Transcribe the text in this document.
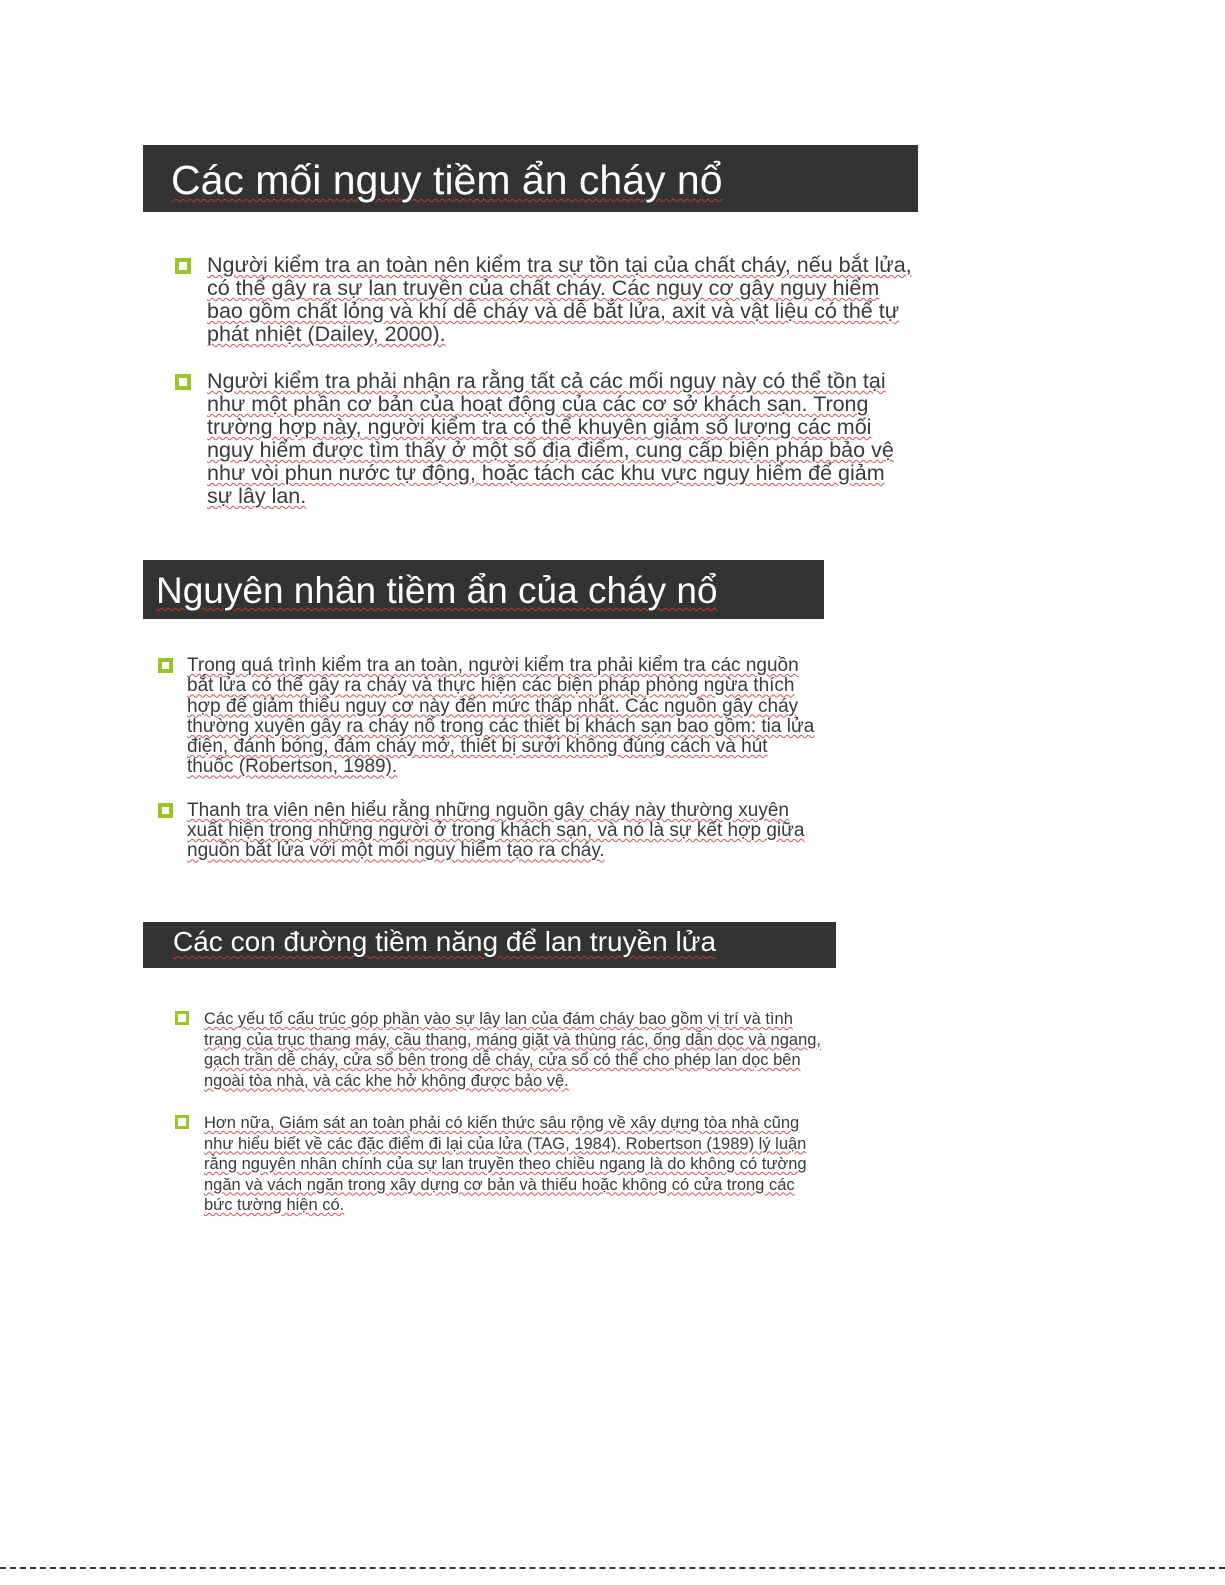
Các mối nguy tiềm ẩn cháy nổ
Người kiểm tra an toàn nên kiểm tra sự tồn tại của chất cháy, nếu bắt lửa, có thể gây ra sự lan truyền của chất cháy. Các nguy cơ gây nguy hiểm bao gồm chất lỏng và khí dễ cháy và dễ bắt lửa, axit và vật liệu có thể tự phát nhiệt (Dailey, 2000).
Người kiểm tra phải nhận ra rằng tất cả các mối nguy này có thể tồn tại như một phần cơ bản của hoạt động của các cơ sở khách sạn. Trong trường hợp này, người kiểm tra có thể khuyên giảm số lượng các mối nguy hiểm được tìm thấy ở một số địa điểm, cung cấp biện pháp bảo vệ như vòi phun nước tự động, hoặc tách các khu vực nguy hiểm để giảm sự lây lan.
Nguyên nhân tiềm ẩn của cháy nổ
Trong quá trình kiểm tra an toàn, người kiểm tra phải kiểm tra các nguồn bắt lửa có thể gây ra cháy và thực hiện các biện pháp phòng ngừa thích hợp để giảm thiểu nguy cơ này đến mức thấp nhất. Các nguồn gây cháy thường xuyên gây ra cháy nổ trong các thiết bị khách sạn bao gồm: tia lửa điện, đánh bóng, đám cháy mở, thiết bị sưởi không đúng cách và hút thuốc (Robertson, 1989).
Thanh tra viên nên hiểu rằng những nguồn gây cháy này thường xuyên xuất hiện trong những người ở trong khách sạn, và nó là sự kết hợp giữa nguồn bắt lửa với một mối nguy hiểm tạo ra cháy.
Các con đường tiềm năng để lan truyền lửa
Các yếu tố cấu trúc góp phần vào sự lây lan của đám cháy bao gồm vị trí và tình trạng của trục thang máy, cầu thang, máng giặt và thùng rác, ống dẫn dọc và ngang, gạch trần dễ cháy, cửa sổ bên trong dễ cháy, cửa sổ có thể cho phép lan dọc bên ngoài tòa nhà, và các khe hở không được bảo vệ.
Hơn nữa, Giám sát an toàn phải có kiến thức sâu rộng về xây dựng tòa nhà cũng như hiểu biết về các đặc điểm đi lại của lửa (TAG, 1984). Robertson (1989) lý luận rằng nguyên nhân chính của sự lan truyền theo chiều ngang là do không có tường ngăn và vách ngăn trong xây dựng cơ bản và thiếu hoặc không có cửa trong các bức tường hiện có.
